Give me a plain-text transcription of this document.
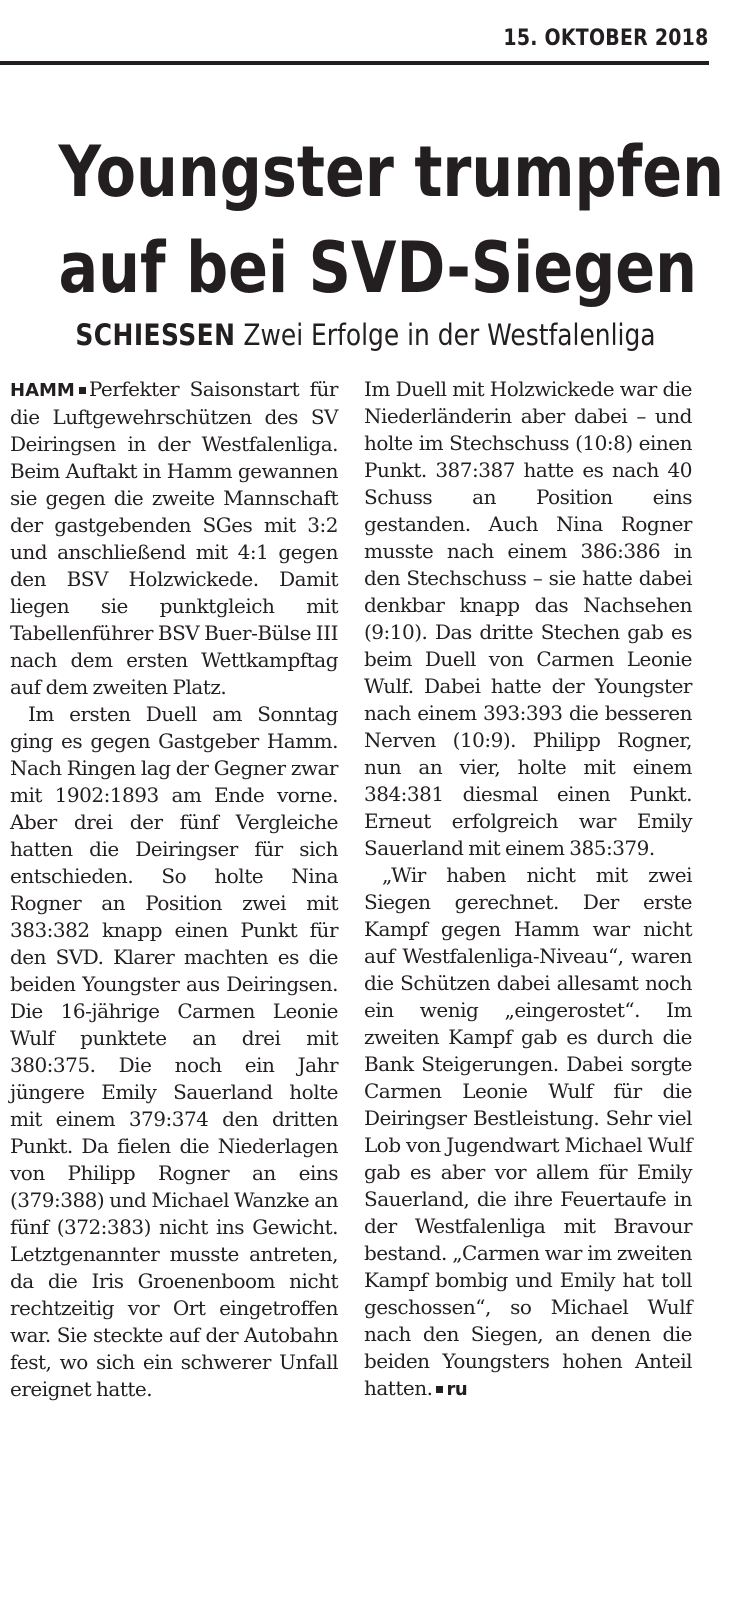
15. OKTOBER 2018
Youngster trumpfen
auf bei SVD-Siegen
SCHIESSEN Zwei Erfolge in der Westfalenliga

HAMM Perfekter Saisonstart für die Luftgewehrschützen des SV Deiringsen in der Westfalenliga. Beim Auftakt in Hamm gewannen sie gegen die zweite Mannschaft der gastgebenden SGes mit 3:2 und anschließend mit 4:1 gegen den BSV Holzwickede. Damit liegen sie punktgleich mit Tabellenführer BSV Buer-Bülse III nach dem ersten Wettkampftag auf dem zweiten Platz.

Im ersten Duell am Sonntag ging es gegen Gastgeber Hamm. Nach Ringen lag der Gegner zwar mit 1902:1893 am Ende vorne. Aber drei der fünf Vergleiche hatten die Deiringser für sich entschieden. So holte Nina Rogner an Position zwei mit 383:382 knapp einen Punkt für den SVD. Klarer machten es die beiden Youngster aus Deiringsen. Die 16-jährige Carmen Leonie Wulf punktete an drei mit 380:375. Die noch ein Jahr jüngere Emily Sauerland holte mit einem 379:374 den dritten Punkt. Da fielen die Niederlagen von Philipp Rogner an eins (379:388) und Michael Wanzke an fünf (372:383) nicht ins Gewicht. Letztgenannter musste antreten, da die Iris Groenenboom nicht rechtzeitig vor Ort eingetroffen war. Sie steckte auf der Autobahn fest, wo sich ein schwerer Unfall ereignet hatte.

Im Duell mit Holzwickede war die Niederländerin aber dabei – und holte im Stechschuss (10:8) einen Punkt. 387:387 hatte es nach 40 Schuss an Position eins gestanden. Auch Nina Rogner musste nach einem 386:386 in den Stechschuss – sie hatte dabei denkbar knapp das Nachsehen (9:10). Das dritte Stechen gab es beim Duell von Carmen Leonie Wulf. Dabei hatte der Youngster nach einem 393:393 die besseren Nerven (10:9). Philipp Rogner, nun an vier, holte mit einem 384:381 diesmal einen Punkt. Erneut erfolgreich war Emily Sauerland mit einem 385:379.

„Wir haben nicht mit zwei Siegen gerechnet. Der erste Kampf gegen Hamm war nicht auf Westfalenliga-Niveau“, waren die Schützen dabei allesamt noch ein wenig „eingerostet“. Im zweiten Kampf gab es durch die Bank Steigerungen. Dabei sorgte Carmen Leonie Wulf für die Deiringser Bestleistung. Sehr viel Lob von Jugendwart Michael Wulf gab es aber vor allem für Emily Sauerland, die ihre Feuertaufe in der Westfalenliga mit Bravour bestand. „Carmen war im zweiten Kampf bombig und Emily hat toll geschossen“, so Michael Wulf nach den Siegen, an denen die beiden Youngsters hohen Anteil hatten. ru
